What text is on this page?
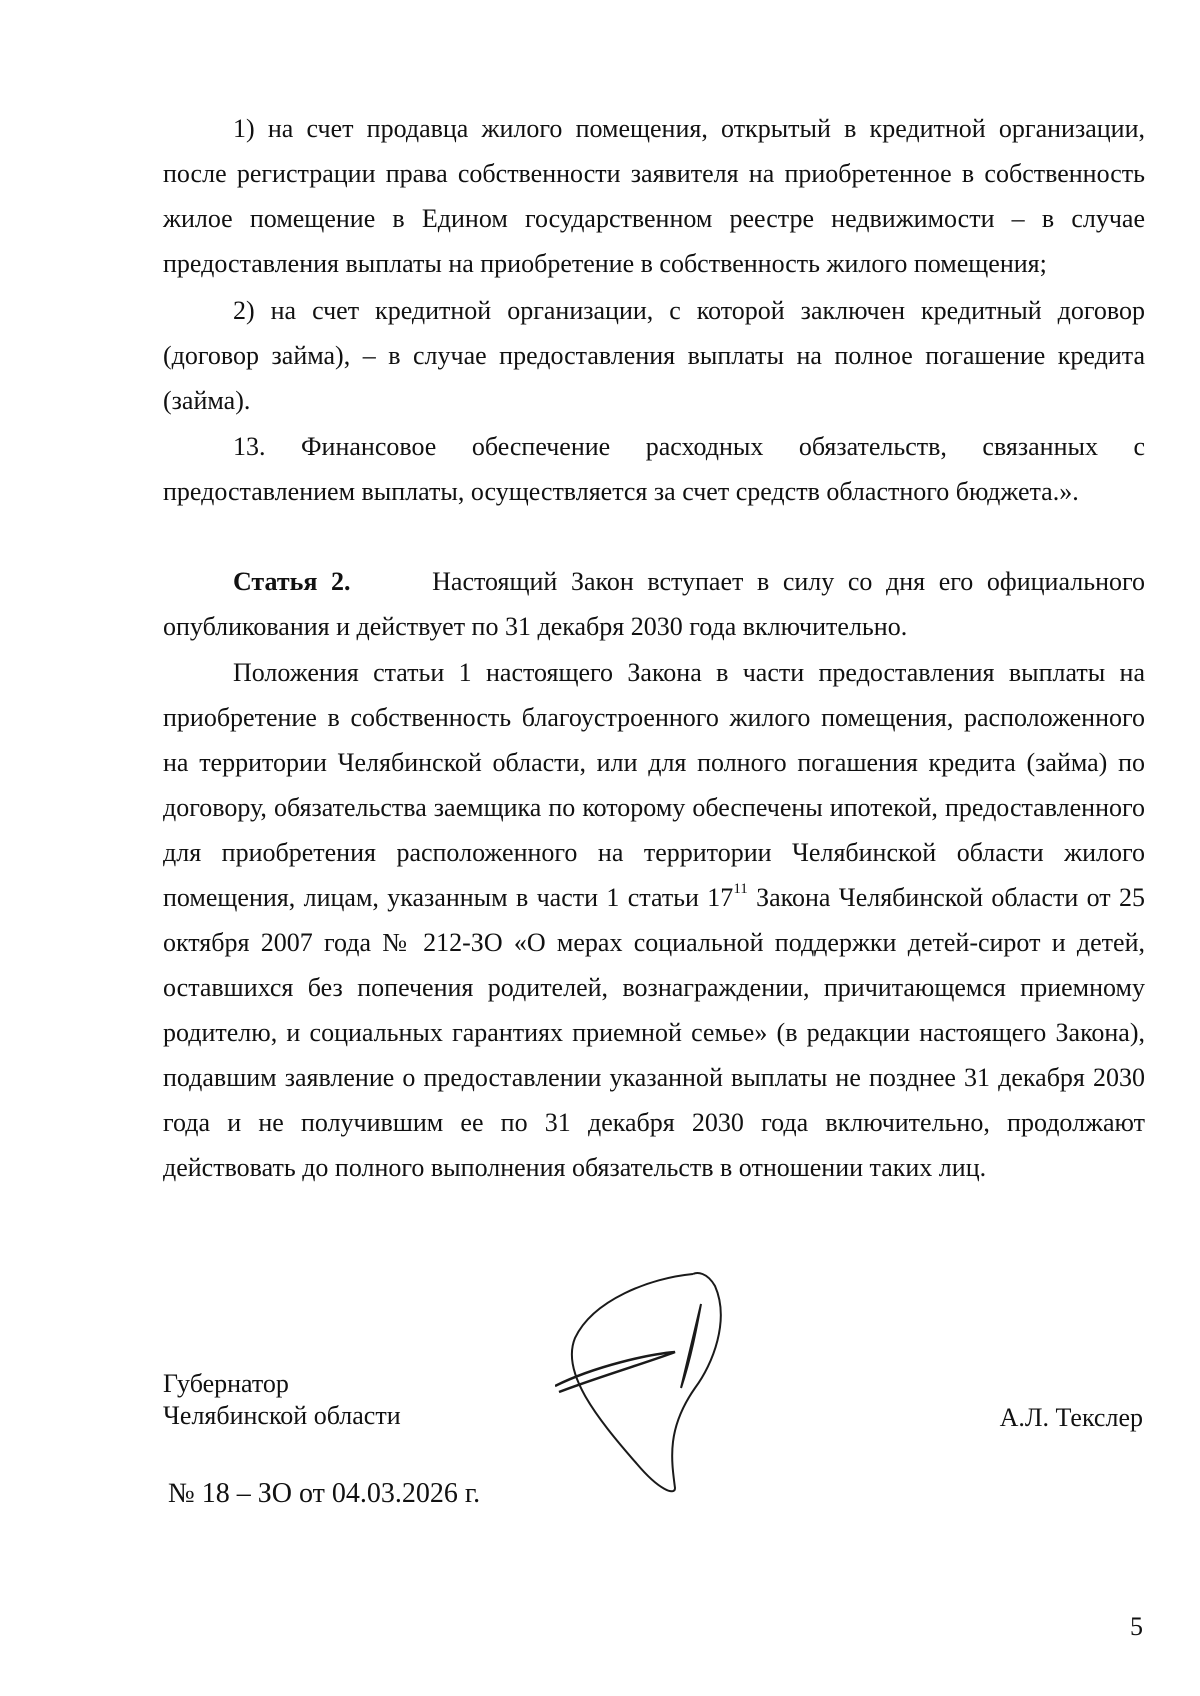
1) на счет продавца жилого помещения, открытый в кредитной организации, после регистрации права собственности заявителя на приобретенное в собственность жилое помещение в Едином государственном реестре недвижимости – в случае предоставления выплаты на приобретение в собственность жилого помещения;

2) на счет кредитной организации, с которой заключен кредитный договор (договор займа), – в случае предоставления выплаты на полное погашение кредита (займа).

13. Финансовое обеспечение расходных обязательств, связанных с предоставлением выплаты, осуществляется за счет средств областного бюджета.».

Статья 2.	Настоящий Закон вступает в силу со дня его официального опубликования и действует по 31 декабря 2030 года включительно.

Положения статьи 1 настоящего Закона в части предоставления выплаты на приобретение в собственность благоустроенного жилого помещения, расположенного на территории Челябинской области, или для полного погашения кредита (займа) по договору, обязательства заемщика по которому обеспечены ипотекой, предоставленного для приобретения расположенного на территории Челябинской области жилого помещения, лицам, указанным в части 1 статьи $17^{11}$ Закона Челябинской области от 25 октября 2007 года № 212-ЗО «О мерах социальной поддержки детей-сирот и детей, оставшихся без попечения родителей, вознаграждении, причитающемся приемному родителю, и социальных гарантиях приемной семье» (в редакции настоящего Закона), подавшим заявление о предоставлении указанной выплаты не позднее 31 декабря 2030 года и не получившим ее по 31 декабря 2030 года включительно, продолжают действовать до полного выполнения обязательств в отношении таких лиц.

Губернатор
Челябинской области	А.Л. Текслер
№ 18 – ЗО от 04.03.2026 г.
5
